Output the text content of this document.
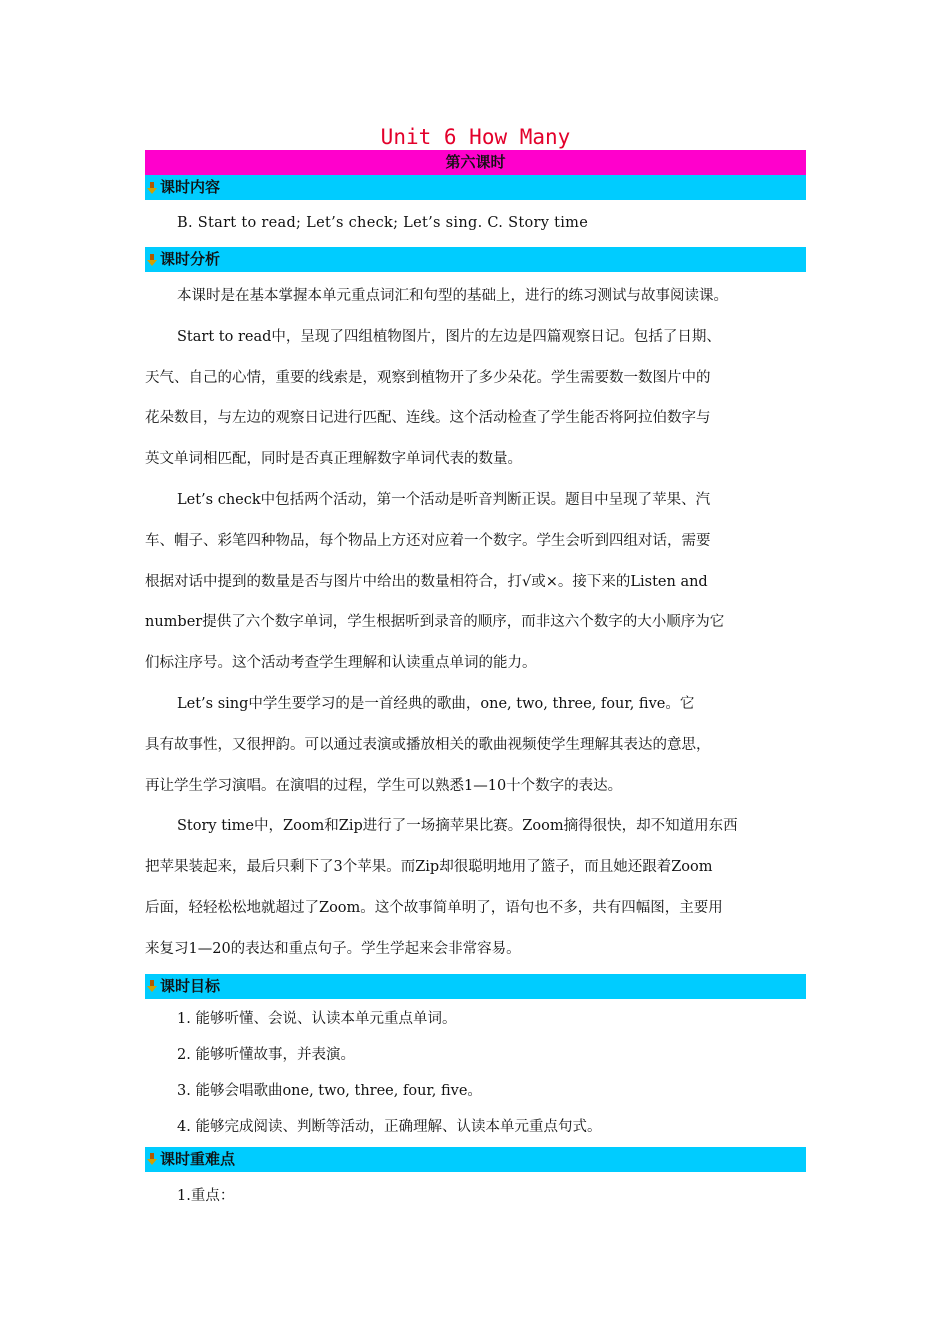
Unit 6 How Many
第六课时
课时内容
B. Start to read; Let’s check; Let’s sing. C. Story time
课时分析

本课时是在基本掌握本单元重点词汇和句型的基础上，进行的练习测试与故事阅读课。

Start to read中，呈现了四组植物图片，图片的左边是四篇观察日记。包括了日期、

天气、自己的心情，重要的线索是，观察到植物开了多少朵花。学生需要数一数图片中的

花朵数目，与左边的观察日记进行匹配、连线。这个活动检查了学生能否将阿拉伯数字与

英文单词相匹配，同时是否真正理解数字单词代表的数量。

Let’s check中包括两个活动，第一个活动是听音判断正误。题目中呈现了苹果、汽

车、帽子、彩笔四种物品，每个物品上方还对应着一个数字。学生会听到四组对话，需要

根据对话中提到的数量是否与图片中给出的数量相符合，打√或×。接下来的Listen and

number提供了六个数字单词，学生根据听到录音的顺序，而非这六个数字的大小顺序为它

们标注序号。这个活动考查学生理解和认读重点单词的能力。

Let’s sing中学生要学习的是一首经典的歌曲，one, two, three, four, five。它

具有故事性，又很押韵。可以通过表演或播放相关的歌曲视频使学生理解其表达的意思，

再让学生学习演唱。在演唱的过程，学生可以熟悉1—10十个数字的表达。

Story time中，Zoom和Zip进行了一场摘苹果比赛。Zoom摘得很快，却不知道用东西

把苹果装起来，最后只剩下了3个苹果。而Zip却很聪明地用了篮子，而且她还跟着Zoom

后面，轻轻松松地就超过了Zoom。这个故事简单明了，语句也不多，共有四幅图，主要用

来复习1—20的表达和重点句子。学生学起来会非常容易。

课时目标
1. 能够听懂、会说、认读本单元重点单词。
2. 能够听懂故事，并表演。
3. 能够会唱歌曲one, two, three, four, five。
4. 能够完成阅读、判断等活动，正确理解、认读本单元重点句式。
课时重难点
1.重点：
